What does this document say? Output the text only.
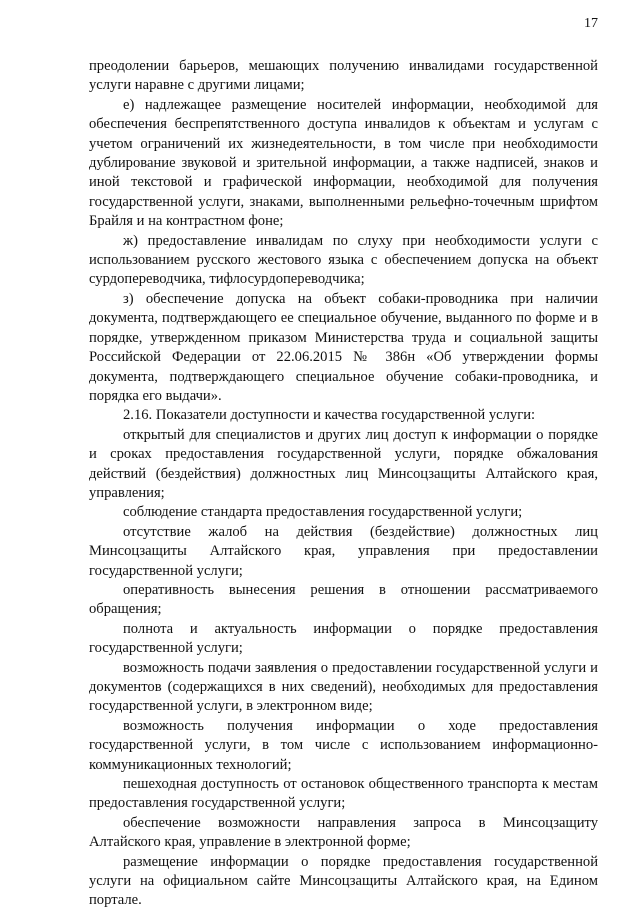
17

преодолении барьеров, мешающих получению инвалидами государственной услуги наравне с другими лицами;

е) надлежащее размещение носителей информации, необходимой для обеспечения беспрепятственного доступа инвалидов к объектам и услугам с учетом ограничений их жизнедеятельности, в том числе при необходимости дублирование звуковой и зрительной информации, а также надписей, знаков и иной текстовой и графической информации, необходимой для получения государственной услуги, знаками, выполненными рельефно-точечным шрифтом Брайля и на контрастном фоне;

ж) предоставление инвалидам по слуху при необходимости услуги с использованием русского жестового языка с обеспечением допуска на объект сурдопереводчика, тифлосурдопереводчика;

з) обеспечение допуска на объект собаки-проводника при наличии документа, подтверждающего ее специальное обучение, выданного по форме и в порядке, утвержденном приказом Министерства труда и социальной защиты Российской Федерации от 22.06.2015 № 386н «Об утверждении формы документа, подтверждающего специальное обучение собаки-проводника, и порядка его выдачи».

2.16. Показатели доступности и качества государственной услуги:

открытый для специалистов и других лиц доступ к информации о порядке и сроках предоставления государственной услуги, порядке обжалования действий (бездействия) должностных лиц Минсоцзащиты Алтайского края, управления;

соблюдение стандарта предоставления государственной услуги;

отсутствие жалоб на действия (бездействие) должностных лиц Минсоцзащиты Алтайского края, управления при предоставлении государственной услуги;

оперативность вынесения решения в отношении рассматриваемого обращения;

полнота и актуальность информации о порядке предоставления государственной услуги;

возможность подачи заявления о предоставлении государственной услуги и документов (содержащихся в них сведений), необходимых для предоставления государственной услуги, в электронном виде;

возможность получения информации о ходе предоставления государственной услуги, в том числе с использованием информационно-коммуникационных технологий;

пешеходная доступность от остановок общественного транспорта к местам предоставления государственной услуги;

обеспечение возможности направления запроса в Минсоцзащиту Алтайского края, управление в электронной форме;

размещение информации о порядке предоставления государственной услуги на официальном сайте Минсоцзащиты Алтайского края, на Едином портале.
